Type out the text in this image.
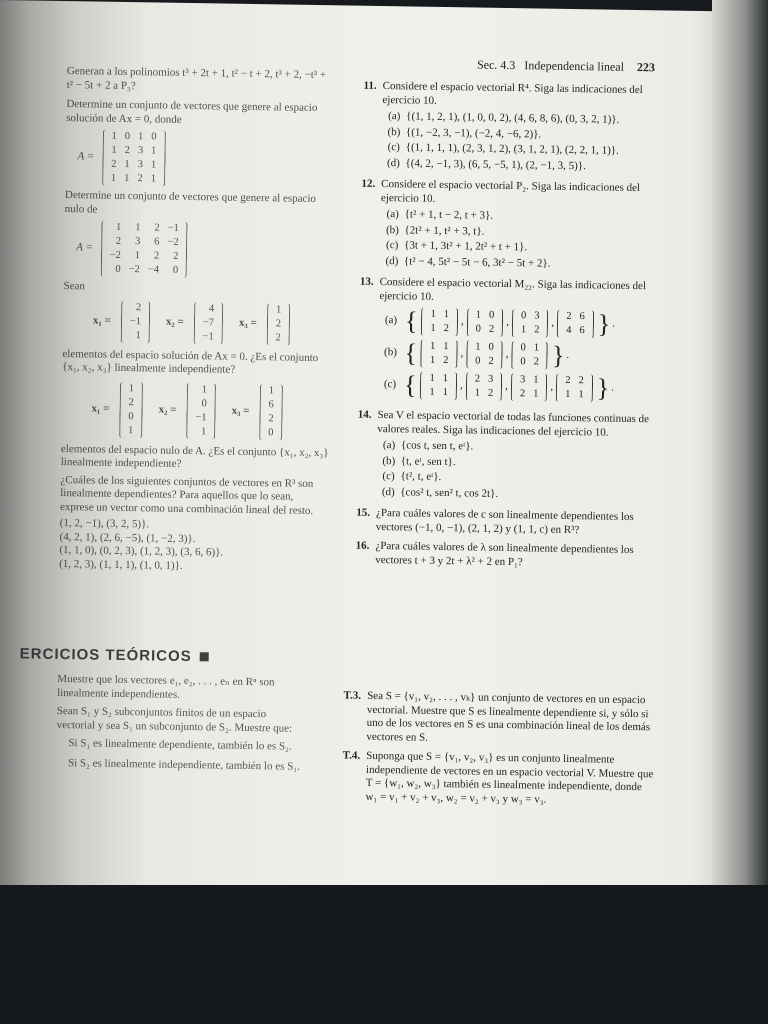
Sec. 4.3 Independencia lineal 223
Generan a los polinomios t³ + 2t + 1, t² − t + 2, t³ + 2, −t³ + t² − 5t + 2 a P₃?
Determine un conjunto de vectores que genere al espacio solución de Ax = 0, donde
A =
1	0	1	0
1	2	3	1
2	1	3	1
1	1	2	1
Determine un conjunto de vectores que genere al espacio nulo de
A =
1	1	2	−1
2	3	6	−2
−2	1	2	2
0	−2	−4	0
Sean
x₁ =
2
−1
1
x₂ =
4
−7
−1
x₃ =
1
2
2
elementos del espacio solución de Ax = 0. ¿Es el conjunto {x₁, x₂, x₃} linealmente independiente?
x₁ =
1
2
0
1
x₂ =
1
0
−1
1
x₃ =
1
6
2
0
elementos del espacio nulo de A. ¿Es el conjunto {x₁, x₂, x₃} linealmente independiente?
¿Cuáles de los siguientes conjuntos de vectores en R³ son linealmente dependientes? Para aquellos que lo sean, exprese un vector como una combinación lineal del resto.
(1, 2, −1), (3, 2, 5)}.
(4, 2, 1), (2, 6, −5), (1, −2, 3)}.
(1, 1, 0), (0, 2, 3), (1, 2, 3), (3, 6, 6)}.
(1, 2, 3), (1, 1, 1), (1, 0, 1)}.
ERCICIOS TEÓRICOS
Muestre que los vectores e₁, e₂, . . . , eₙ en Rⁿ son linealmente independientes.
Sean S₁ y S₂ subconjuntos finitos de un espacio vectorial y sea S₁ un subconjunto de S₂. Muestre que:
Si S₁ es linealmente dependiente, también lo es S₂.
Si S₂ es linealmente independiente, también lo es S₁.
11. Considere el espacio vectorial R⁴. Siga las indicaciones del ejercicio 10.
(a) {(1, 1, 2, 1), (1, 0, 0, 2), (4, 6, 8, 6), (0, 3, 2, 1)}.
(b) {(1, −2, 3, −1), (−2, 4, −6, 2)}.
(c) {(1, 1, 1, 1), (2, 3, 1, 2), (3, 1, 2, 1), (2, 2, 1, 1)}.
(d) {(4, 2, −1, 3), (6, 5, −5, 1), (2, −1, 3, 5)}.
12. Considere el espacio vectorial P₂. Siga las indicaciones del ejercicio 10.
(a) {t² + 1, t − 2, t + 3}.
(b) {2t² + 1, t² + 3, t}.
(c) {3t + 1, 3t² + 1, 2t² + t + 1}.
(d) {t² − 4, 5t² − 5t − 6, 3t² − 5t + 2}.
13. Considere el espacio vectorial M₂₂. Siga las indicaciones del ejercicio 10.
(a) { 1	1
1	2
,
1	0
0	2
,
0	3
1	2
,
2	6
4	6 } .
(b) { 1	1
1	2
,
1	0
0	2
,
0	1
0	2 } .
(c) { 1	1
1	1
,
2	3
1	2
,
3	1
2	1
,
2	2
1	1 } .
14. Sea V el espacio vectorial de todas las funciones continuas de valores reales. Siga las indicaciones del ejercicio 10.
(a) {cos t, sen t, eᵗ}.
(b) {t, eᵗ, sen t}.
(c) {t², t, eᵗ}.
(d) {cos² t, sen² t, cos 2t}.
15. ¿Para cuáles valores de c son linealmente dependientes los vectores (−1, 0, −1), (2, 1, 2) y (1, 1, c) en R³?
16. ¿Para cuáles valores de λ son linealmente dependientes los vectores t + 3 y 2t + λ² + 2 en P₁?
T.3. Sea S = {v₁, v₂, . . . , vₖ} un conjunto de vectores en un espacio vectorial. Muestre que S es linealmente dependiente si, y sólo si uno de los vectores en S es una combinación lineal de los demás vectores en S.
T.4. Suponga que S = {v₁, v₂, v₃} es un conjunto linealmente independiente de vectores en un espacio vectorial V. Muestre que T = {w₁, w₂, w₃} también es linealmente independiente, donde w₁ = v₁ + v₂ + v₃, w₂ = v₂ + v₃ y w₃ = v₃.
